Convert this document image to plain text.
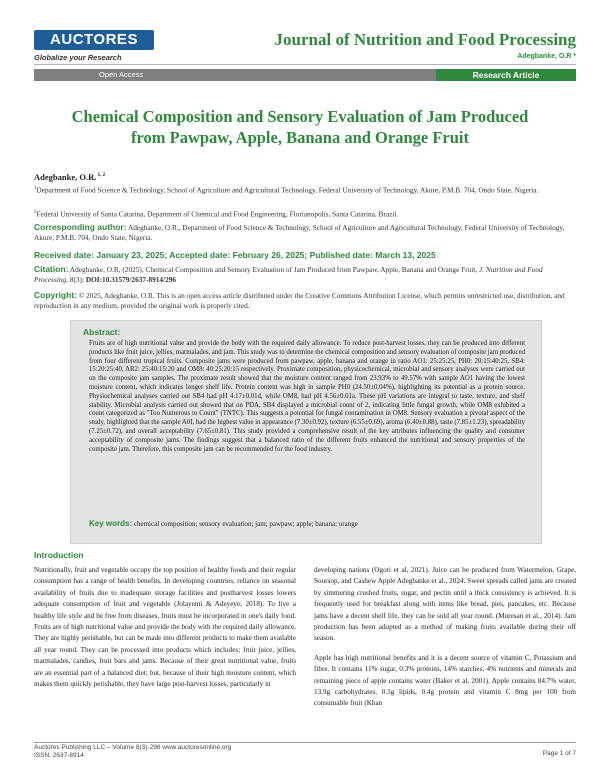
AUCTORES
Globalize your Research
Journal of Nutrition and Food Processing
Adegbanke, O.R *
Open Access	Research Article
Chemical Composition and Sensory Evaluation of Jam Produced from Pawpaw, Apple, Banana and Orange Fruit
Adegbanke, O.R. $^{1, 2}$
$^1$Department of Food Science & Technology, School of Agriculture and Agricultural Technology, Federal University of Technology, Akure, P.M.B. 704, Ondo State, Nigeria.
$^2$Federal University of Santa Catarina, Department of Chemical and Food Engineering, Florianopolis, Santa Catarina, Brazil.
Corresponding author: Adegbanke, O.R., Department of Food Science & Technology, School of Agriculture and Agricultural Technology, Federal University of Technology, Akure, P.M.B. 704, Ondo State, Nigeria.
Received date: January 23, 2025; Accepted date: February 26, 2025; Published date: March 13, 2025
Citation: Adegbanke, O.R, (2025), Chemical Composition and Sensory Evaluation of Jam Produced from Pawpaw, Apple, Banana and Orange Fruit, J. Nutrition and Food Processing, 8(3); DOI:10.31579/2637-8914/296
Copyright: © 2025, Adegbanke, O.R. This is an open access article distributed under the Creative Commons Attribution License, which permits unrestricted use, distribution, and reproduction in any medium, provided the original work is properly cited.
Abstract:
Fruits are of high nutritional value and provide the body with the required daily allowance. To reduce post-harvest losses, they can be produced into different products like fruit juice, jellies, marmalades, and jam. This study was to determine the chemical composition and sensory evaluation of composite jam produced from four different tropical fruits. Composite jams were produced from pawpaw, apple, banana and orange in ratio AO1: 25:25:25, PH0: 20:15:40:25, SB4: 15:20:25:40, AR2: 25:40:15:20 and OM8: 40:25:20:15 respectively. Proximate composition, physicochemical, microbial and sensory analyses were carried out on the composite jam samples. The proximate result showed that the moisture content ranged from 23.93% to 49.57% with sample AO1 having the lowest moisture content, which indicates longer shelf life. Protein content was high in sample PH0 (24.50±0.04%), highlighting its potential as a protein source. Physiochemical analyses carried out SB4 had pH 4.17±0.01d, while OM8, had pH 4.56±0.01a. These pH variations are integral to taste, texture, and shelf stability. Microbial analysis carried out showed that on PDA, SB4 displayed a microbial count of 2, indicating little fungal growth, while OM8 exhibited a count categorized as "Too Numerous to Count" (TNTC). This suggests a potential for fungal contamination in OM8. Sensory evaluation a pivotal aspect of the study, highlighted that the sample A0I, had the highest value in appearance (7.30±0.92), texture (6.55±0.69), aroma (6.40±0.88), taste (7.85±1.23), spreadability (7.25±0.72), and overall acceptability (7.65±0.81). This study provided a comprehensive result of the key attributes influencing the quality and consumer acceptability of composite jams. The findings suggest that a balanced ratio of the different fruits enhanced the nutritional and sensory properties of the composite jam. Therefore, this composite jam can be recommended for the food industry.
Key words: chemical composition; sensory evaluation; jam; pawpaw; apple; banana; orange
Introduction

Nutritionally, fruit and vegetable occupy the top position of healthy foods and their regular consumption has a range of health benefits. In developing countries, reliance on seasonal availability of fruits due to inadequate storage facilities and postharvest losses lowers adequate consumption of fruit and vegetable (Jolayemi & Adeyeye, 2018). To live a healthy life style and be free from diseases, fruits must be incorporated in one's daily food. Fruits are of high nutritional value and provide the body with the required daily allowance. They are highly perishable, but can be made into different products to make them available all year round. They can be processed into products which includes; fruit juice, jellies, marmalades, candies, fruit bars and jams. Because of their great nutritional value, fruits are an essential part of a balanced diet; but, because of their high moisture content, which makes them quickly perishable, they have large post-harvest losses, particularly in

developing nations (Ogori et al, 2021). Juice can be produced from Watermelon, Grape, Soursop, and Cashew Apple Adegbanke et al., 2024. Sweet spreads called jams are created by simmering crushed fruits, sugar, and pectin until a thick consistency is achieved. It is frequently used for breakfast along with items like bread, pies, pancakes, etc. Because jams have a decent shelf life, they can be sold all year round. (Muresan et al., 2014). Jam production has been adopted as a method of making fruits available during their off season.

Apple has high nutritional benefits and it is a decent source of vitamin C, Potassium and fibre. It contains 11% sugar, 0.3% proteins, 14% starches, 4% nutrients and minerals and remaining piece of apple contains water (Baker et al, 2001). Apple contains 84.7% water, 13.9g carbohydrates, 0.3g lipids, 0.4g protein and vitamin C 8mg per 100 from consumable fruit (Khan

Auctores Publishing LLC – Volume 8(3)-296 www.auctoresonline.org
ISSN: 2637-8914	Page 1 of 7
